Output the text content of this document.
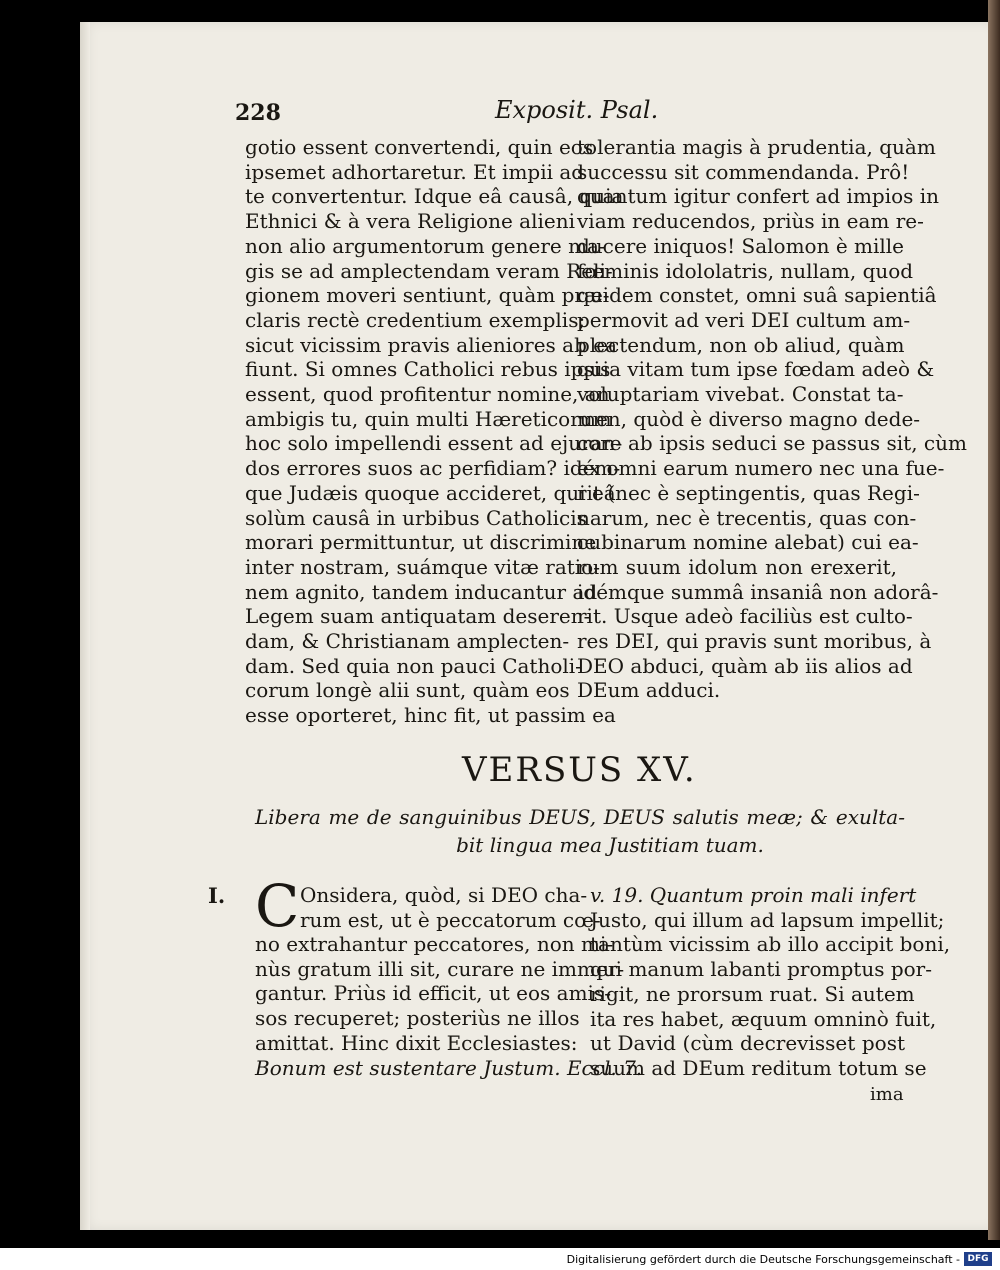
228	Exposit. Psal.
gotio essent convertendi, quin eos
ipsemet adhortaretur. Et impii ad
te convertentur. Idque eâ causâ, quia
Ethnici & à vera Religione alieni
non alio argumentorum genere ma-
gis se ad amplectendam veram Reli-
gionem moveri sentiunt, quàm præ-
claris rectè credentium exemplis;
sicut vicissim pravis alieniores ab ea
fiunt. Si omnes Catholici rebus ipsis
essent, quod profitentur nomine, an
ambigis tu, quin multi Hæreticorum
hoc solo impellendi essent ad ejuran-
dos errores suos ac perfidiam? idém-
que Judæis quoque accideret, qui eâ
solùm causâ in urbibus Catholicis
morari permittuntur, ut discrimine
inter nostram, suámque vitæ ratio-
nem agnito, tandem inducantur ad
Legem suam antiquatam deseren-
dam, & Christianam amplecten-
dam. Sed quia non pauci Catholi-
corum longè alii sunt, quàm eos
esse oporteret, hinc fit, ut passim ea
tolerantia magis à prudentia, quàm
successu sit commendanda. Prô!
quantum igitur confert ad impios in
viam reducendos, priùs in eam re-
ducere iniquos! Salomon è mille
fœminis idololatris, nullam, quod
quidem constet, omni suâ sapientiâ
permovit ad veri DEI cultum am-
plectendum, non ob aliud, quàm
quia vitam tum ipse fœdam adeò &
voluptariam vivebat. Constat ta-
men, quòd è diverso magno dede-
core ab ipsis seduci se passus sit, cùm
ex omni earum numero nec una fue-
rit (nec è septingentis, quas Regi-
narum, nec è trecentis, quas con-
cubinarum nomine alebat) cui ea-
rum suum idolum non erexerit,
idémque summâ insaniâ non adorâ-
rit. Usque adeò faciliùs est culto-
res DEI, qui pravis sunt moribus, à
DEO abduci, quàm ab iis alios ad
DEum adduci.
VERSUS XV.
Libera me de sanguinibus DEUS, DEUS salutis meæ; & exulta-
bit lingua mea Justitiam tuam.
I. C Onsidera, quòd, si DEO cha-
rum est, ut è peccatorum cœ-
no extrahantur peccatores, non mi-
nùs gratum illi sit, curare ne immer-
gantur. Priùs id efficit, ut eos amis-
sos recuperet; posteriùs ne illos
amittat. Hinc dixit Ecclesiastes:
Bonum est sustentare Justum. Eccl. 7.
v. 19. Quantum proin mali infert
Justo, qui illum ad lapsum impellit;
tantùm vicissim ab illo accipit boni,
qui manum labanti promptus por-
rigit, ne prorsum ruat. Si autem
ita res habet, æquum omninò fuit,
ut David (cùm decrevisset post
suum ad DEum reditum totum se
ima
Digitalisierung gefördert durch die Deutsche Forschungsgemeinschaft - DFG
